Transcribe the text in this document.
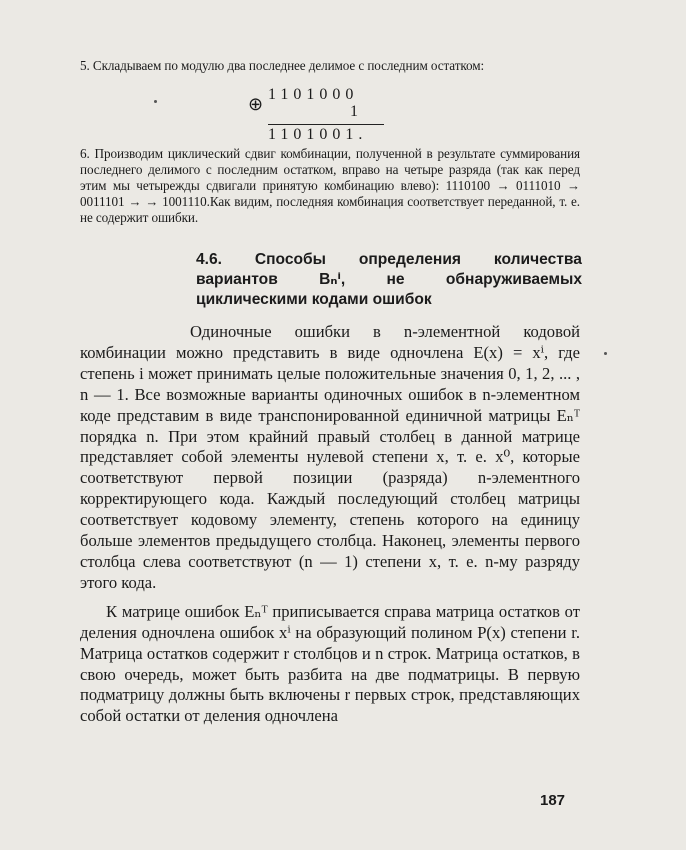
5. Складываем по модулю два последнее делимое с последним остатком:
⊕ 1101000
1
1101001.
6. Производим циклический сдвиг комбинации, полученной в результате суммирования последнего делимого с последним остатком, вправо на четыре разряда (так как перед этим мы четырежды сдвигали принятую комбинацию влево): 1110100 → 0111010 → 0011101 → → 1001110.Как видим, последняя комбинация соответствует переданной, т. е. не содержит ошибки.
4.6. Способы определения количества вариантов Bₙⁱ, не обнаруживаемых циклическими кодами ошибок

Одиночные ошибки в n-элементной кодовой комбинации можно представить в виде одночлена E(x) = xⁱ, где степень i может принимать целые положительные значения 0, 1, 2, ... , n — 1. Все возможные варианты одиночных ошибок в n-элементном коде представим в виде транспонированной единичной матрицы Eₙᵀ порядка n. При этом крайний правый столбец в данной матрице представляет собой элементы нулевой степени x, т. е. x⁰, которые соответствуют первой позиции (разряда) n-элементного корректирующего кода. Каждый последующий столбец матрицы соответствует кодовому элементу, степень которого на единицу больше элементов предыдущего столбца. Наконец, элементы первого столбца слева соответствуют (n — 1) степени x, т. е. n-му разряду этого кода.

К матрице ошибок Eₙᵀ приписывается справа матрица остатков от деления одночлена ошибок xⁱ на образующий полином P(x) степени r. Матрица остатков содержит r столбцов и n строк. Матрица остатков, в свою очередь, может быть разбита на две подматрицы. В первую подматрицу должны быть включены r первых строк, представляющих собой остатки от деления одночлена

187
